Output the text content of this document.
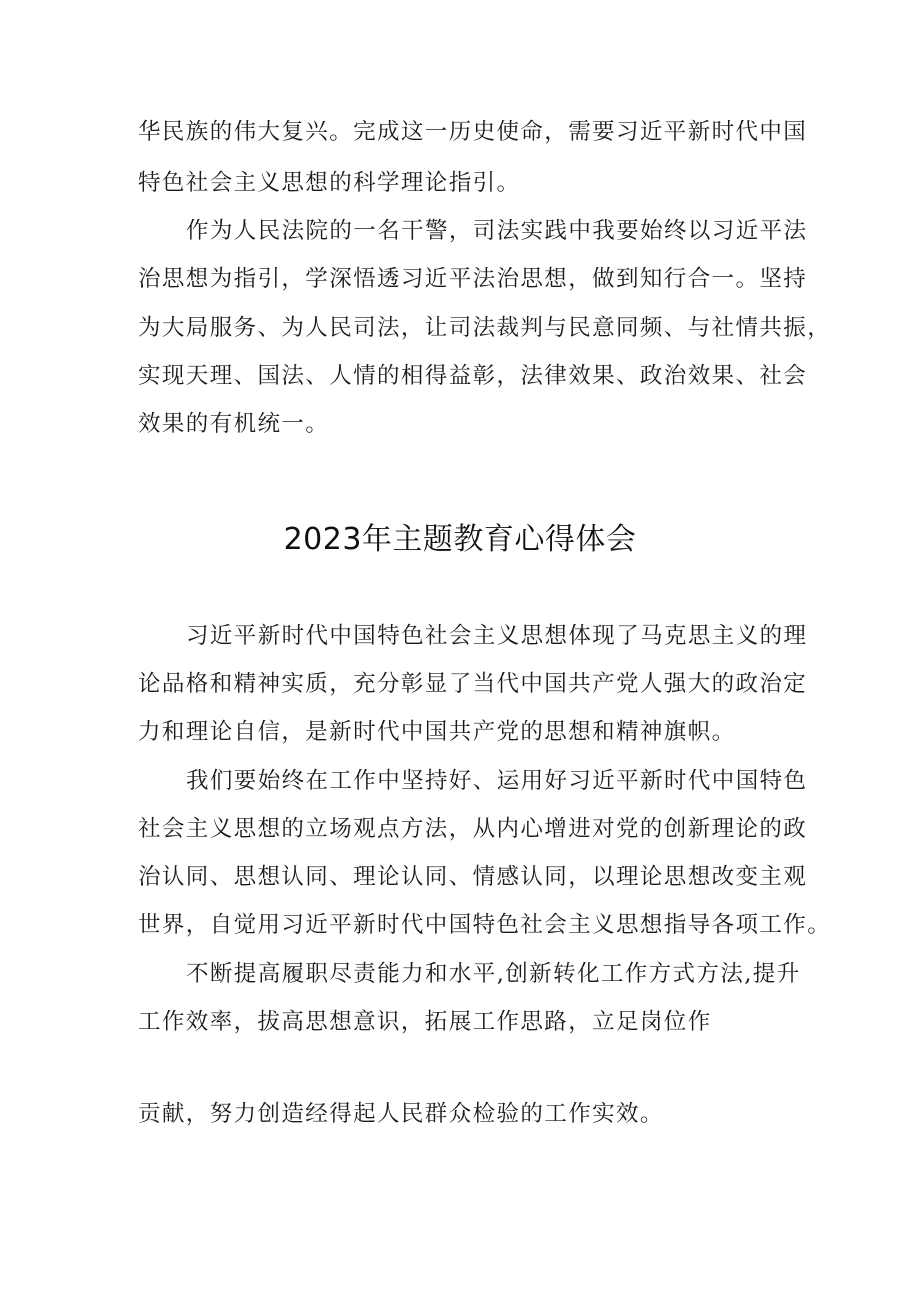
华民族的伟大复兴。完成这一历史使命，需要习近平新时代中国
特色社会主义思想的科学理论指引。
作为人民法院的一名干警，司法实践中我要始终以习近平法
治思想为指引，学深悟透习近平法治思想，做到知行合一。坚持
为大局服务、为人民司法，让司法裁判与民意同频、与社情共振，
实现天理、国法、人情的相得益彰，法律效果、政治效果、社会
效果的有机统一。
2023年主题教育心得体会
习近平新时代中国特色社会主义思想体现了马克思主义的理
论品格和精神实质，充分彰显了当代中国共产党人强大的政治定
力和理论自信，是新时代中国共产党的思想和精神旗帜。
我们要始终在工作中坚持好、运用好习近平新时代中国特色
社会主义思想的立场观点方法，从内心增进对党的创新理论的政
治认同、思想认同、理论认同、情感认同，以理论思想改变主观
世界，自觉用习近平新时代中国特色社会主义思想指导各项工作。
不断提高履职尽责能力和水平,创新转化工作方式方法,提升
工作效率，拔高思想意识，拓展工作思路，立足岗位作
贡献，努力创造经得起人民群众检验的工作实效。
